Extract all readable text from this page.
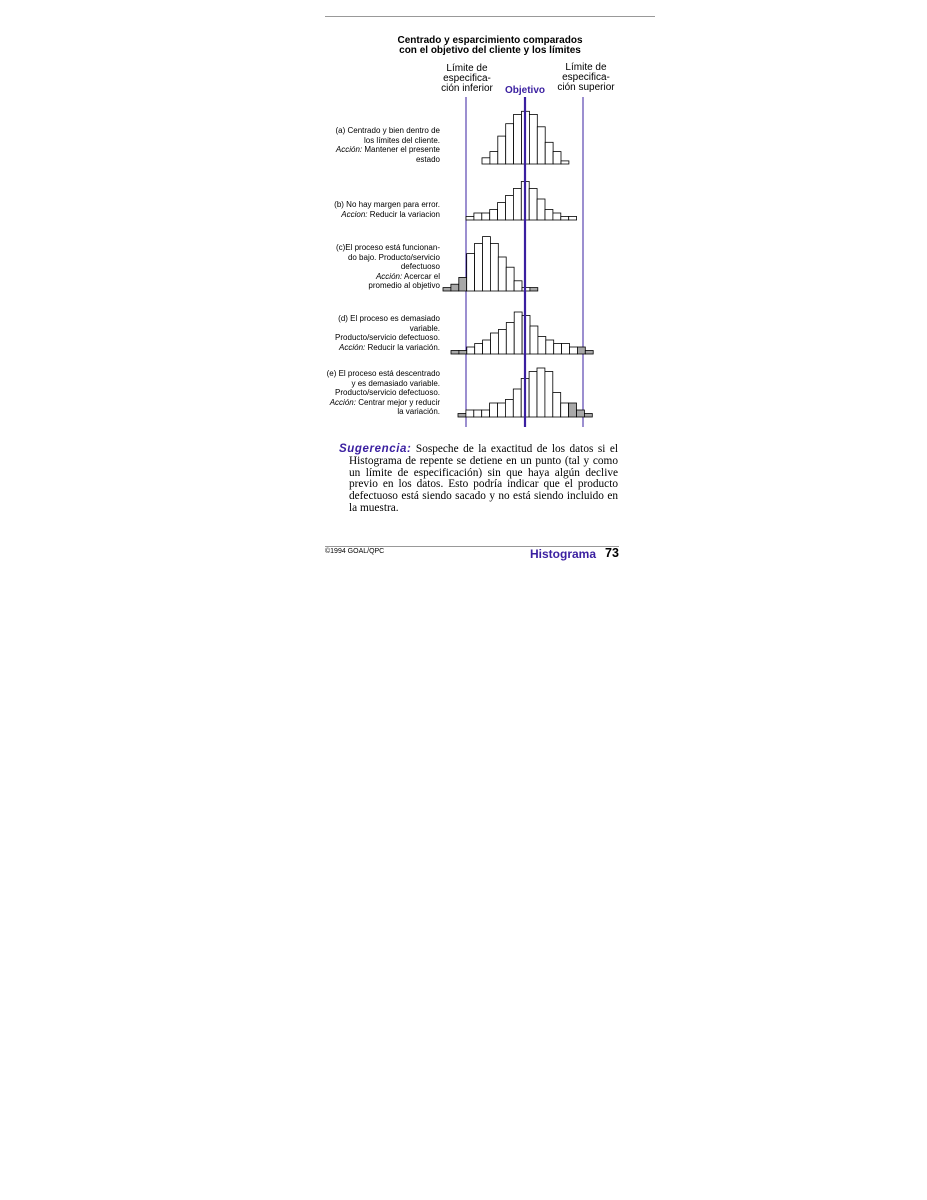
Centrado y esparcimiento comparados
con el objetivo del cliente y los límites
Límite de
especifica-
ción inferior
Límite de
especifica-
ción superior
Objetivo
(a) Centrado y bien dentro de
los límites del cliente.
Acción: Mantener el presente
estado
(b) No hay margen para error.
Accion: Reducir la variacion
(c)El proceso está funcionan-
do bajo. Producto/servicio
defectuoso
Acción: Acercar el
promedio al objetivo
(d) El proceso es demasiado
variable.
Producto/servicio defectuoso.
Acción: Reducir la variación.
(e) El proceso está descentrado
y es demasiado variable.
Producto/servicio defectuoso.
Acción: Centrar mejor y reducir
la variación.
Sugerencia: Sospeche de la exactitud de los datos si el Histograma de repente se detiene en un punto (tal y como un límite de especificación) sin que haya algún declive previo en los datos. Esto podría indicar que el producto defectuoso está siendo sacado y no está siendo incluido en la muestra.
©1994 GOAL/QPC	Histograma 73
